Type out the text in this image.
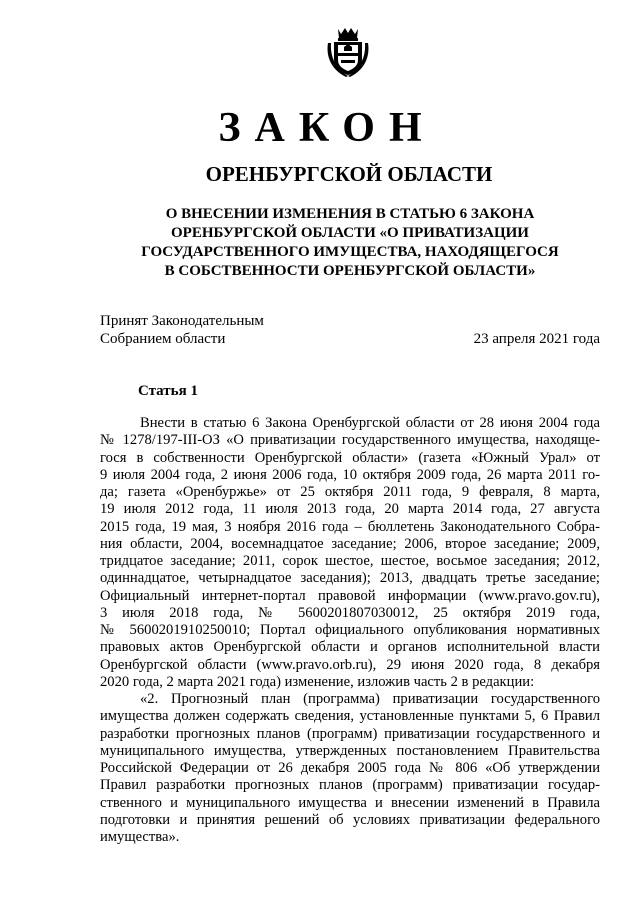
ЗАКОН
ОРЕНБУРГСКОЙ ОБЛАСТИ
О ВНЕСЕНИИ ИЗМЕНЕНИЯ В СТАТЬЮ 6 ЗАКОНА
ОРЕНБУРГСКОЙ ОБЛАСТИ «О ПРИВАТИЗАЦИИ
ГОСУДАРСТВЕННОГО ИМУЩЕСТВА, НАХОДЯЩЕГОСЯ
В СОБСТВЕННОСТИ ОРЕНБУРГСКОЙ ОБЛАСТИ»
Принят Законодательным
Собранием области	23 апреля 2021 года
Статья 1
Внести в статью 6 Закона Оренбургской области от 28 июня 2004 года
№ 1278/197-III-ОЗ «О приватизации государственного имущества, находяще-
гося в собственности Оренбургской области» (газета «Южный Урал» от
9 июля 2004 года, 2 июня 2006 года, 10 октября 2009 года, 26 марта 2011 го-
да; газета «Оренбуржье» от 25 октября 2011 года, 9 февраля, 8 марта,
19 июля 2012 года, 11 июля 2013 года, 20 марта 2014 года, 27 августа
2015 года, 19 мая, 3 ноября 2016 года – бюллетень Законодательного Собра-
ния области, 2004, восемнадцатое заседание; 2006, второе заседание; 2009,
тридцатое заседание; 2011, сорок шестое, шестое, восьмое заседания; 2012,
одиннадцатое, четырнадцатое заседания); 2013, двадцать третье заседание;
Официальный интернет-портал правовой информации (www.pravo.gov.ru),
3 июля 2018 года, № 5600201807030012, 25 октября 2019 года,
№ 5600201910250010; Портал официального опубликования нормативных
правовых актов Оренбургской области и органов исполнительной власти
Оренбургской области (www.pravo.orb.ru), 29 июня 2020 года, 8 декабря
2020 года, 2 марта 2021 года) изменение, изложив часть 2 в редакции:
«2. Прогнозный план (программа) приватизации государственного
имущества должен содержать сведения, установленные пунктами 5, 6 Правил
разработки прогнозных планов (программ) приватизации государственного и
муниципального имущества, утвержденных постановлением Правительства
Российской Федерации от 26 декабря 2005 года № 806 «Об утверждении
Правил разработки прогнозных планов (программ) приватизации государ-
ственного и муниципального имущества и внесении изменений в Правила
подготовки и принятия решений об условиях приватизации федерального
имущества».
